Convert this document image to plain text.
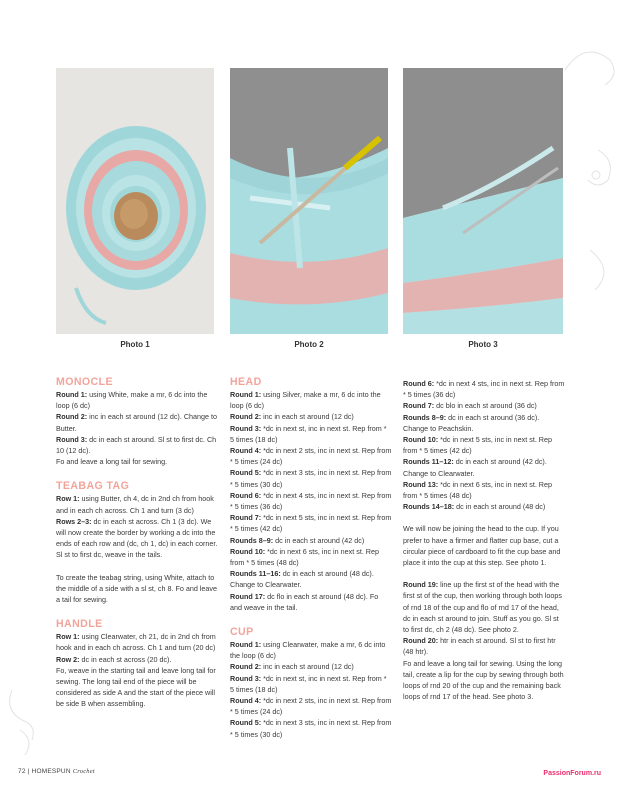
Photo 1	Photo 2	Photo 3
MONOCLE

Round 1: using White, make a mr, 6 dc into the loop (6 dc)

Round 2: inc in each st around (12 dc). Change to Butter.

Round 3: dc in each st around. Sl st to first dc. Ch 10 (12 dc).

Fo and leave a long tail for sewing.

TEABAG TAG

Row 1: using Butter, ch 4, dc in 2nd ch from hook and in each ch across. Ch 1 and turn (3 dc)

Rows 2–3: dc in each st across. Ch 1 (3 dc). We will now create the border by working a dc into the ends of each row and (dc, ch 1, dc) in each corner. Sl st to first dc, weave in the tails.

To create the teabag string, using White, attach to the middle of a side with a sl st, ch 8. Fo and leave a tail for sewing.

HANDLE

Row 1: using Clearwater, ch 21, dc in 2nd ch from hook and in each ch across. Ch 1 and turn (20 dc)

Row 2: dc in each st across (20 dc).

Fo, weave in the starting tail and leave long tail for sewing. The long tail end of the piece will be considered as side A and the start of the piece will be side B when assembling.

HEAD

Round 1: using Silver, make a mr, 6 dc into the loop (6 dc)

Round 2: inc in each st around (12 dc)

Round 3: *dc in next st, inc in next st. Rep from * 5 times (18 dc)

Round 4: *dc in next 2 sts, inc in next st. Rep from * 5 times (24 dc)

Round 5: *dc in next 3 sts, inc in next st. Rep from * 5 times (30 dc)

Round 6: *dc in next 4 sts, inc in next st. Rep from * 5 times (36 dc)

Round 7: *dc in next 5 sts, inc in next st. Rep from * 5 times (42 dc)

Rounds 8–9: dc in each st around (42 dc)

Round 10: *dc in next 6 sts, inc in next st. Rep from * 5 times (48 dc)

Rounds 11–16: dc in each st around (48 dc). Change to Clearwater.

Round 17: dc flo in each st around (48 dc). Fo and weave in the tail.

CUP

Round 1: using Clearwater, make a mr, 6 dc into the loop (6 dc)

Round 2: inc in each st around (12 dc)

Round 3: *dc in next st, inc in next st. Rep from * 5 times (18 dc)

Round 4: *dc in next 2 sts, inc in next st. Rep from * 5 times (24 dc)

Round 5: *dc in next 3 sts, inc in next st. Rep from * 5 times (30 dc)

Round 6: *dc in next 4 sts, inc in next st. Rep from * 5 times (36 dc)

Round 7: dc blo in each st around (36 dc)

Rounds 8–9: dc in each st around (36 dc). Change to Peachskin.

Round 10: *dc in next 5 sts, inc in next st. Rep from * 5 times (42 dc)

Rounds 11–12: dc in each st around (42 dc). Change to Clearwater.

Round 13: *dc in next 6 sts, inc in next st. Rep from * 5 times (48 dc)

Rounds 14–18: dc in each st around (48 dc)

We will now be joining the head to the cup. If you prefer to have a firmer and flatter cup base, cut a circular piece of cardboard to fit the cup base and place it into the cup at this step. See photo 1.

Round 19: line up the first st of the head with the first st of the cup, then working through both loops of rnd 18 of the cup and flo of rnd 17 of the head, dc in each st around to join. Stuff as you go. Sl st to first dc, ch 2 (48 dc). See photo 2.

Round 20: htr in each st around. Sl st to first htr (48 htr).

Fo and leave a long tail for sewing. Using the long tail, create a lip for the cup by sewing through both loops of rnd 20 of the cup and the remaining back loops of rnd 17 of the head. See photo 3.

72 | HOMESPUN Crochet	PassionForum.ru
